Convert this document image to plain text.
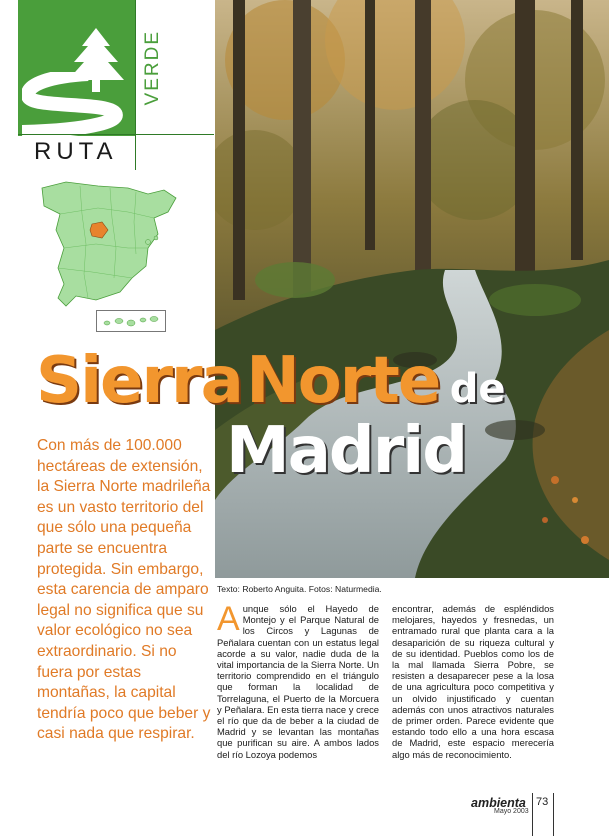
VERDE
RUTA
Sierra Norte de
Madrid

Con más de 100.000 hectáreas de extensión, la Sierra Norte madrileña es un vasto territorio del que sólo una pequeña parte se encuentra protegida. Sin embargo, esta carencia de amparo legal no significa que su valor ecológico no sea extraordinario. Si no fuera por estas montañas, la capital tendría poco que beber y casi nada que respirar.

Texto: Roberto Anguita. Fotos: Naturmedia.

Aunque sólo el Hayedo de Montejo y el Parque Natural de los Circos y Lagunas de Peñalara cuentan con un estatus legal acorde a su valor, nadie duda de la vital importancia de la Sierra Norte. Un territorio comprendido en el triángulo que forman la localidad de Torrelaguna, el Puerto de la Morcuera y Peñalara. En esta tierra nace y crece el río que da de beber a la ciudad de Madrid y se levantan las montañas que purifican su aire. A ambos lados del río Lozoya podemos

encontrar, además de espléndidos melojares, hayedos y fresnedas, un entramado rural que planta cara a la desaparición de su riqueza cultural y de su identidad. Pueblos como los de la mal llamada Sierra Pobre, se resisten a desaparecer pese a la losa de una agricultura poco competitiva y un olvido injustificado y cuentan además con unos atractivos naturales de primer orden. Parece evidente que estando todo ello a una hora escasa de Madrid, este espacio merecería algo más de reconocimiento.

ambienta
Mayo 2003
73
